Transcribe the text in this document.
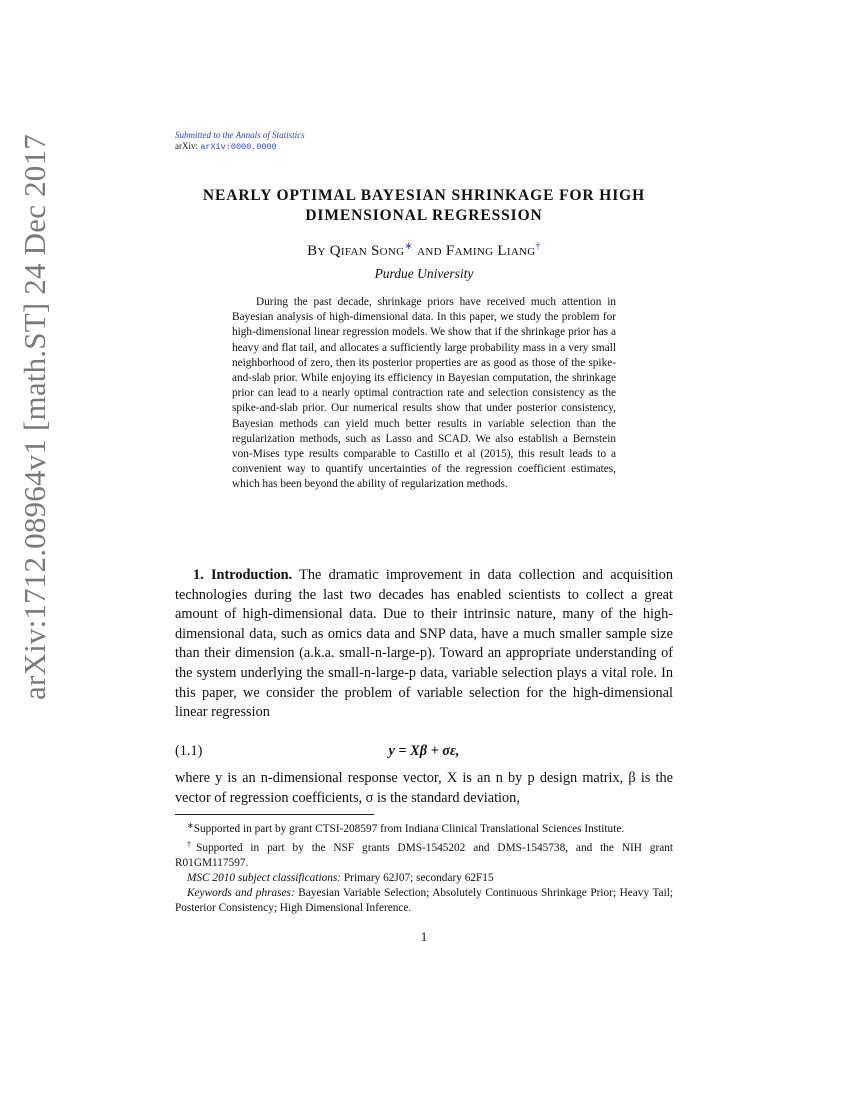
arXiv:1712.08964v1 [math.ST] 24 Dec 2017	Submitted to the Annals of Statistics
arXiv: arXiv:0000.0000
NEARLY OPTIMAL BAYESIAN SHRINKAGE FOR HIGH DIMENSIONAL REGRESSION
By Qifan Song∗ and Faming Liang†
Purdue University
During the past decade, shrinkage priors have received much attention in Bayesian analysis of high-dimensional data. In this paper, we study the problem for high-dimensional linear regression models. We show that if the shrinkage prior has a heavy and flat tail, and allocates a sufficiently large probability mass in a very small neighborhood of zero, then its posterior properties are as good as those of the spike-and-slab prior. While enjoying its efficiency in Bayesian computation, the shrinkage prior can lead to a nearly optimal contraction rate and selection consistency as the spike-and-slab prior. Our numerical results show that under posterior consistency, Bayesian methods can yield much better results in variable selection than the regularization methods, such as Lasso and SCAD. We also establish a Bernstein von-Mises type results comparable to Castillo et al (2015), this result leads to a convenient way to quantify uncertainties of the regression coefficient estimates, which has been beyond the ability of regularization methods.
1. Introduction. The dramatic improvement in data collection and acquisition technologies during the last two decades has enabled scientists to collect a great amount of high-dimensional data. Due to their intrinsic nature, many of the high-dimensional data, such as omics data and SNP data, have a much smaller sample size than their dimension (a.k.a. small-n-large-p). Toward an appropriate understanding of the system underlying the small-n-large-p data, variable selection plays a vital role. In this paper, we consider the problem of variable selection for the high-dimensional linear regression
(1.1)	y = Xβ + σε,
where y is an n-dimensional response vector, X is an n by p design matrix, β is the vector of regression coefficients, σ is the standard deviation,

∗Supported in part by grant CTSI-208597 from Indiana Clinical Translational Sciences Institute.

†Supported in part by the NSF grants DMS-1545202 and DMS-1545738, and the NIH grant R01GM117597.

MSC 2010 subject classifications: Primary 62J07; secondary 62F15

Keywords and phrases: Bayesian Variable Selection; Absolutely Continuous Shrinkage Prior; Heavy Tail; Posterior Consistency; High Dimensional Inference.

1
